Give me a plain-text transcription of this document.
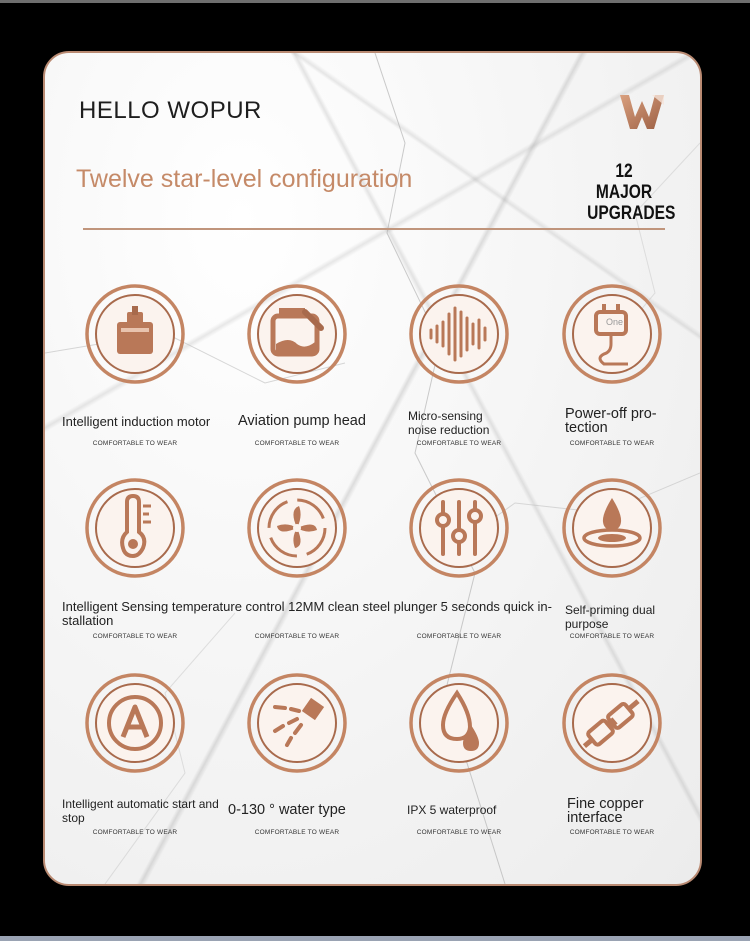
HELLO WOPUR
Twelve star-level configuration	12 MAJOR
UPGRADES
One
Intelligent induction motor Aviation pump head	Micro-sensing noise reduction
Power-off pro- tection
COMFORTABLE TO WEAR	COMFORTABLE TO WEAR	COMFORTABLE TO WEAR	COMFORTABLE TO WEAR
Intelligent Sensing temperature control 12MM clean steel plunger 5 seconds quick in- stallation
Self-priming dual purpose
COMFORTABLE TO WEAR	COMFORTABLE TO WEAR	COMFORTABLE TO WEAR	COMFORTABLE TO WEAR
Intelligent automatic start and stop	0-130 ° water type	IPX 5 waterproof	Fine copper interface
COMFORTABLE TO WEAR	COMFORTABLE TO WEAR	COMFORTABLE TO WEAR	COMFORTABLE TO WEAR
